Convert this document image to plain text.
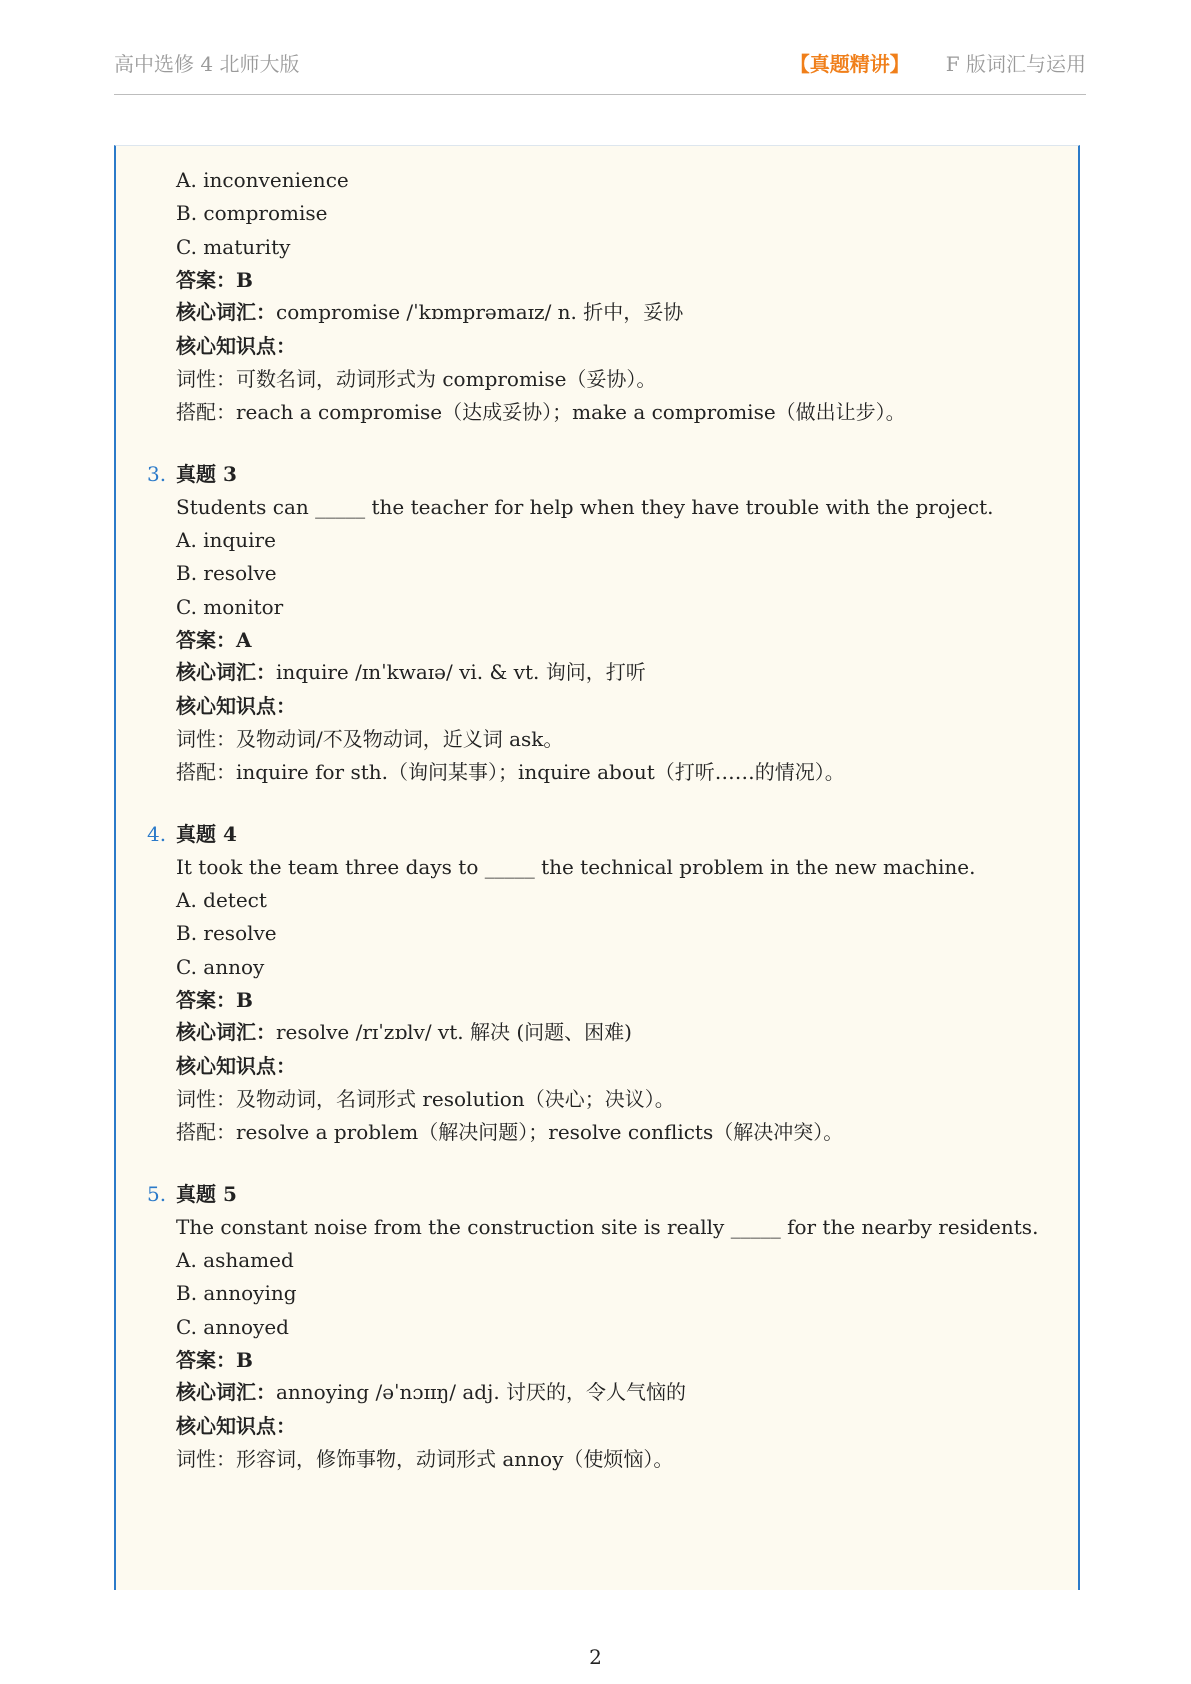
高中选修 4 北师大版	【真题精讲】 F 版词汇与运用
A. inconvenience
B. compromise
C. maturity
答案：B
核心词汇：compromise /ˈkɒmprəmaɪz/ n. 折中，妥协
核心知识点：
词性：可数名词，动词形式为 compromise（妥协）。
搭配：reach a compromise（达成妥协）；make a compromise（做出让步）。
3. 真题 3
Students can _____ the teacher for help when they have trouble with the project.
A. inquire
B. resolve
C. monitor
答案：A
核心词汇：inquire /ɪnˈkwaɪə/ vi. & vt. 询问，打听
核心知识点：
词性：及物动词/不及物动词，近义词 ask。
搭配：inquire for sth.（询问某事）；inquire about（打听……的情况）。
4. 真题 4
It took the team three days to _____ the technical problem in the new machine.
A. detect
B. resolve
C. annoy
答案：B
核心词汇：resolve /rɪˈzɒlv/ vt. 解决 (问题、困难)
核心知识点：
词性：及物动词，名词形式 resolution（决心；决议）。
搭配：resolve a problem（解决问题）；resolve conflicts（解决冲突）。
5. 真题 5
The constant noise from the construction site is really _____ for the nearby residents.
A. ashamed
B. annoying
C. annoyed
答案：B
核心词汇：annoying /əˈnɔɪɪŋ/ adj. 讨厌的，令人气恼的
核心知识点：
词性：形容词，修饰事物，动词形式 annoy（使烦恼）。
2
